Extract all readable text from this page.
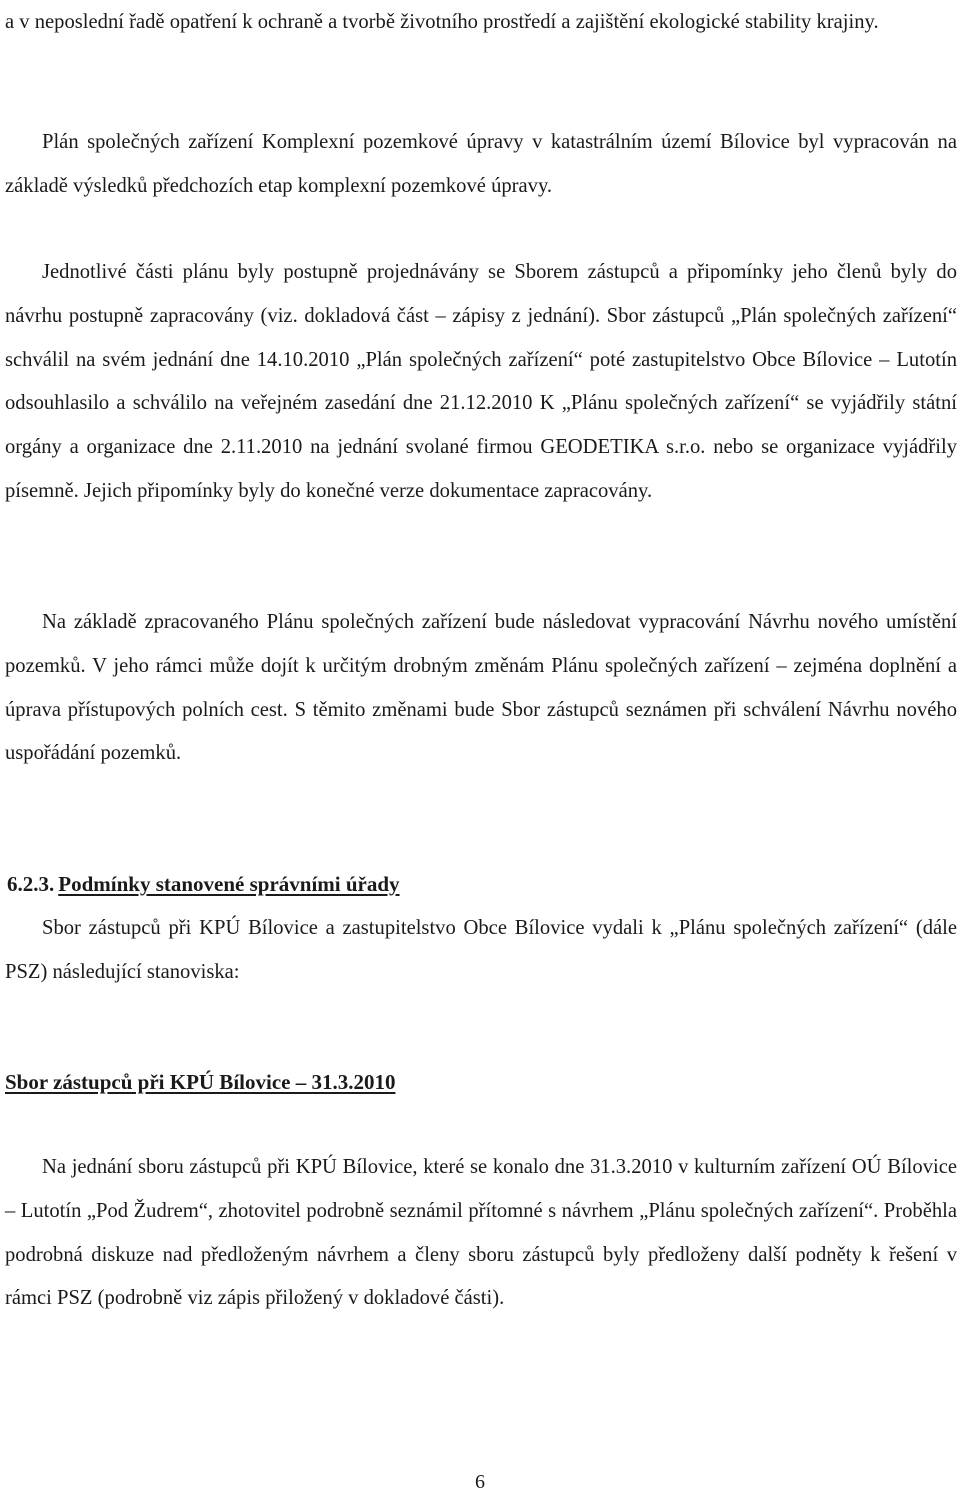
a v neposlední řadě opatření k ochraně a tvorbě životního prostředí a zajištění ekologické stability krajiny.

Plán společných zařízení Komplexní pozemkové úpravy v katastrálním území Bílovice byl vypracován na základě výsledků předchozích etap komplexní pozemkové úpravy.

Jednotlivé části plánu byly postupně projednávány se Sborem zástupců a připomínky jeho členů byly do návrhu postupně zapracovány (viz. dokladová část – zápisy z jednání). Sbor zástupců „Plán společných zařízení“ schválil na svém jednání dne 14.10.2010 „Plán společných zařízení“ poté zastupitelstvo Obce Bílovice – Lutotín odsouhlasilo a schválilo na veřejném zasedání dne 21.12.2010 K „Plánu společných zařízení“ se vyjádřily státní orgány a organizace dne 2.11.2010 na jednání svolané firmou GEODETIKA s.r.o. nebo se organizace vyjádřily písemně. Jejich připomínky byly do konečné verze dokumentace zapracovány.

Na základě zpracovaného Plánu společných zařízení bude následovat vypracování Návrhu nového umístění pozemků. V jeho rámci může dojít k určitým drobným změnám Plánu společných zařízení – zejména doplnění a úprava přístupových polních cest. S těmito změnami bude Sbor zástupců seznámen při schválení Návrhu nového uspořádání pozemků.

6.2.3. Podmínky stanovené správními úřady

Sbor zástupců při KPÚ Bílovice a zastupitelstvo Obce Bílovice vydali k „Plánu společných zařízení“ (dále PSZ) následující stanoviska:

Sbor zástupců při KPÚ Bílovice – 31.3.2010

Na jednání sboru zástupců při KPÚ Bílovice, které se konalo dne 31.3.2010 v kulturním zařízení OÚ Bílovice – Lutotín „Pod Žudrem“, zhotovitel podrobně seznámil přítomné s návrhem „Plánu společných zařízení“. Proběhla podrobná diskuze nad předloženým návrhem a členy sboru zástupců byly předloženy další podněty k řešení v rámci PSZ (podrobně viz zápis přiložený v dokladové části).

6
